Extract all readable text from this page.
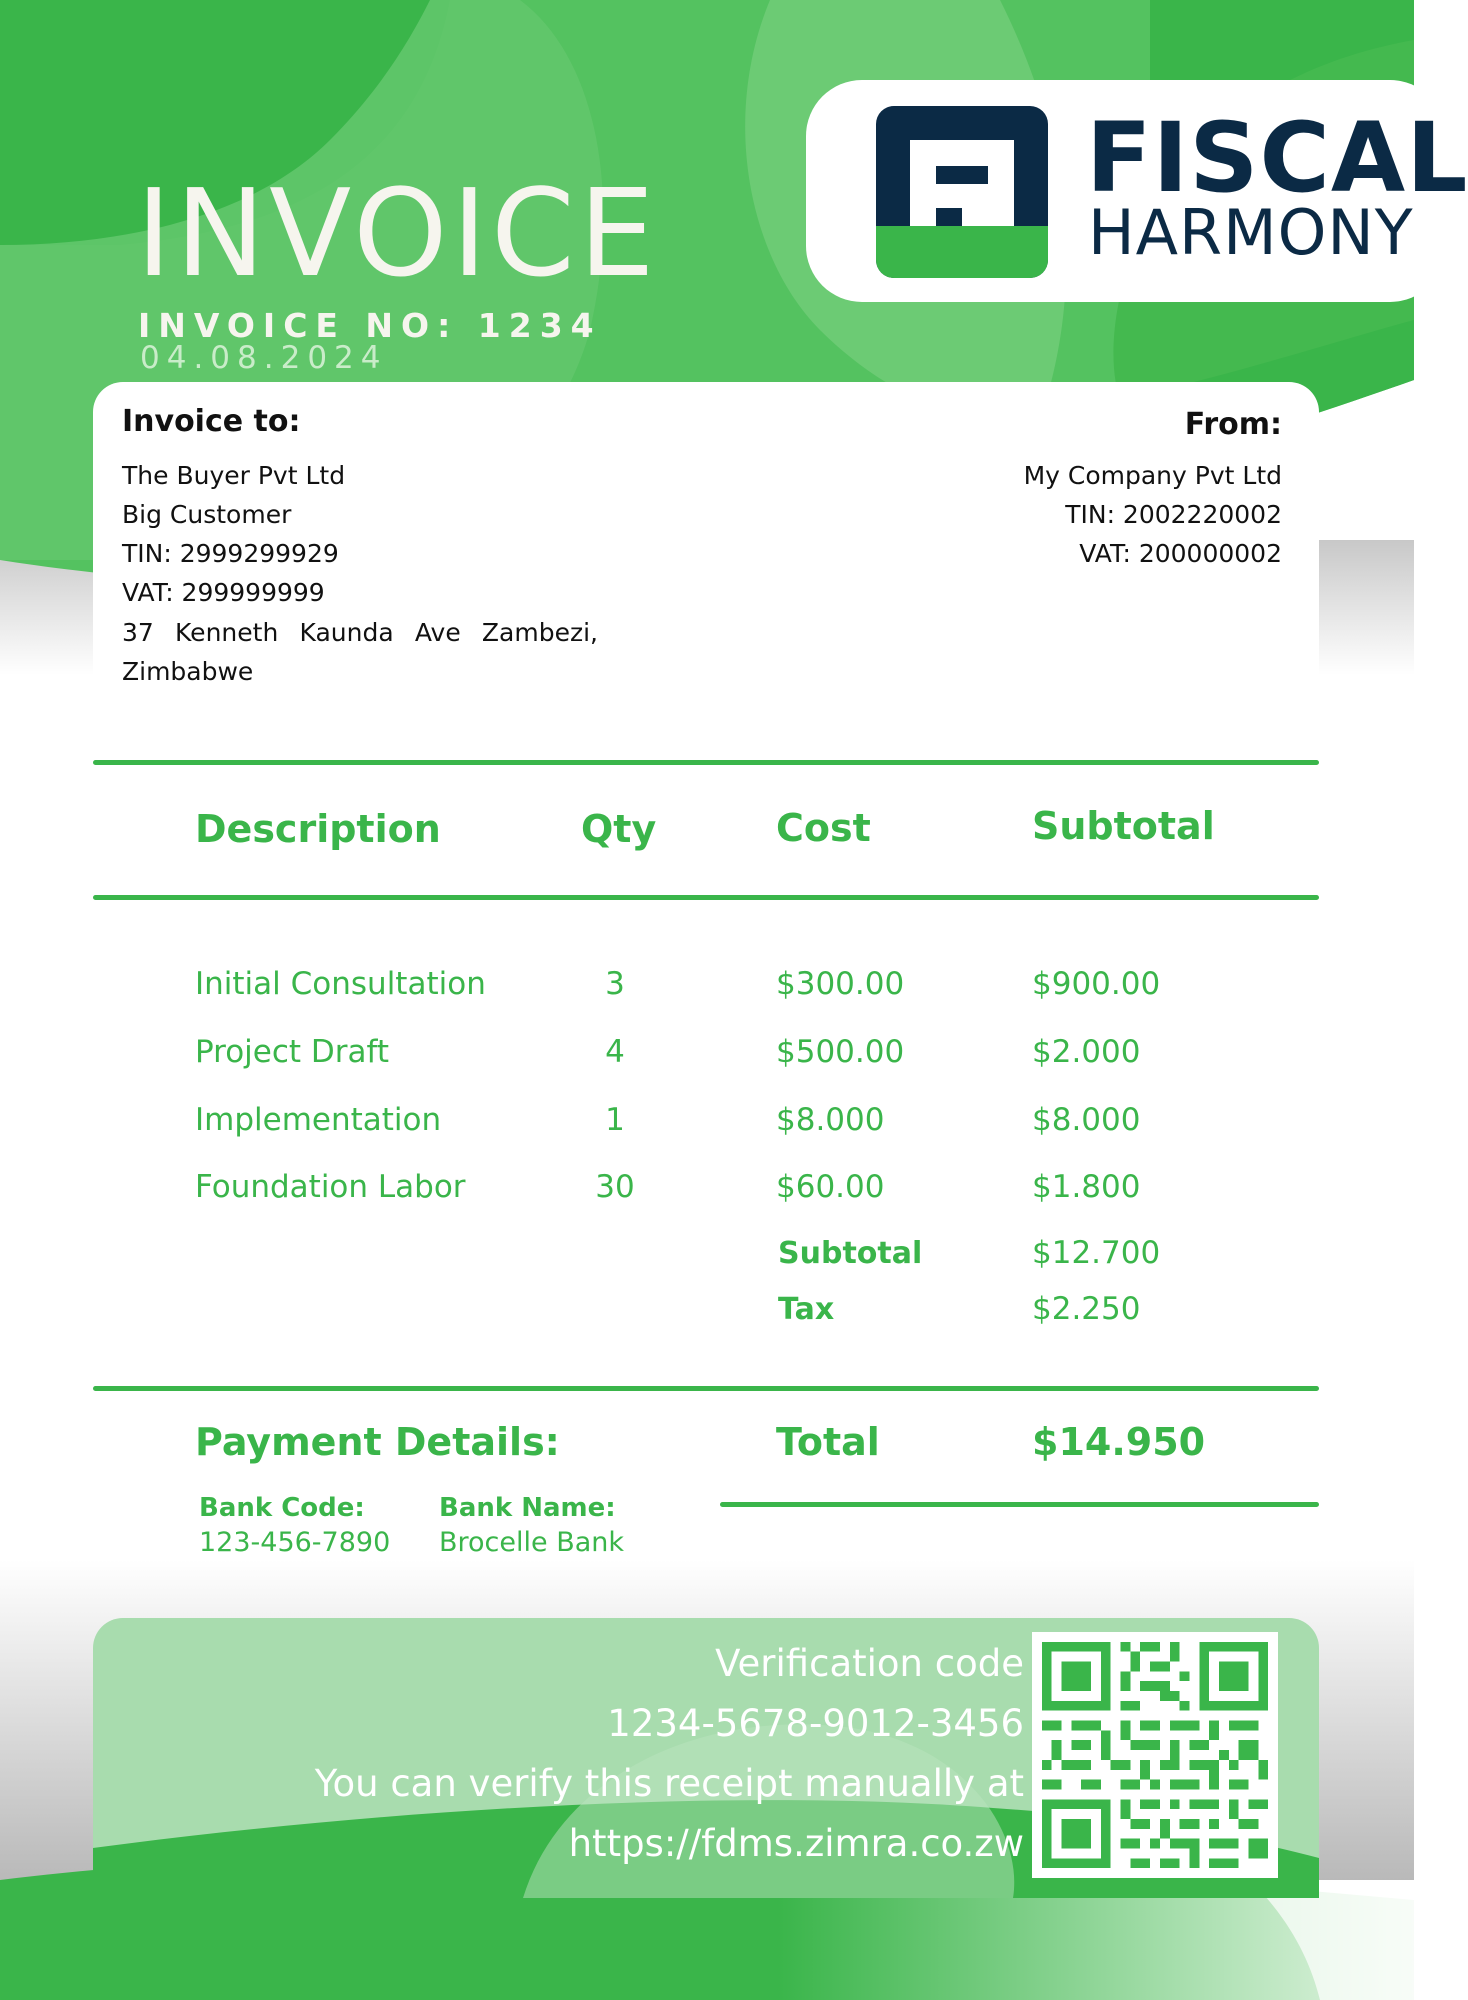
INVOICE
INVOICE NO: 1234
04.08.2024
FISCAL
HARMONY
Invoice to:
The Buyer Pvt Ltd
Big Customer
TIN: 2999299929
VAT: 299999999
37 Kenneth Kaunda Ave Zambezi,
Zimbabwe
From:
My Company Pvt Ltd
TIN: 2002220002
VAT: 200000002
Description	Qty	Cost	Subtotal
Initial Consultation	3	$300.00	$900.00
Project Draft	4	$500.00	$2.000
Implementation	1	$8.000	$8.000
Foundation Labor	30	$60.00	$1.800
Subtotal	$12.700
Tax	$2.250
Payment Details:	Total	$14.950
Bank Code:
123-456-7890
Bank Name:
Brocelle Bank
Verification code
1234-5678-9012-3456
You can verify this receipt manually at
https://fdms.zimra.co.zw
